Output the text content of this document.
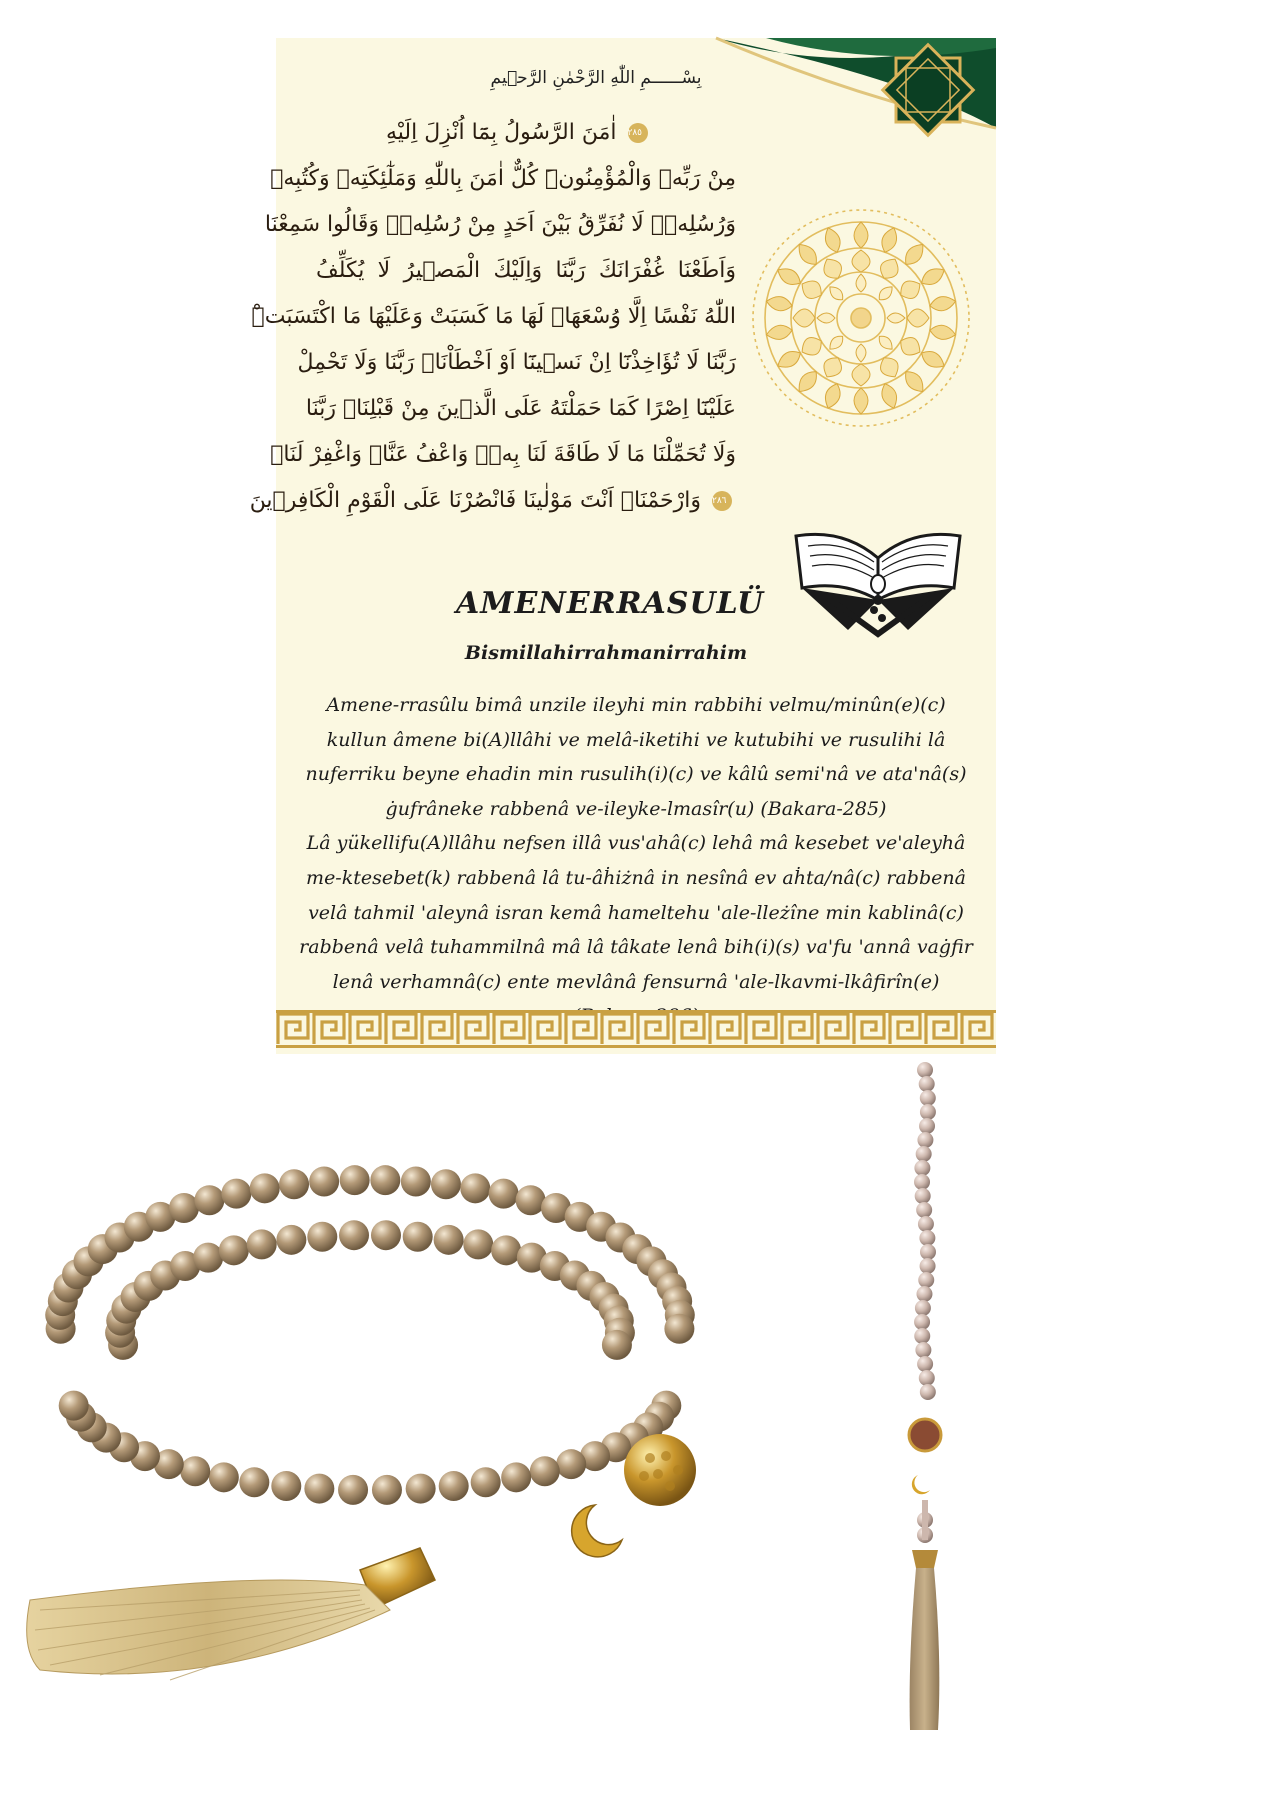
بِسْــــــمِ اللّٰهِ الرَّحْمٰنِ الرَّح۪يمِ
٢٨٥ اٰمَنَ الرَّسُولُ بِمَٓا اُنْزِلَ اِلَيْهِ
مِنْ رَبِّه۪ وَالْمُؤْمِنُونَۜ كُلٌّ اٰمَنَ بِاللّٰهِ وَمَلٰٓئِكَتِه۪ وَكُتُبِه۪
وَرُسُلِه۪ۜ لَا نُفَرِّقُ بَيْنَ اَحَدٍ مِنْ رُسُلِه۪ۜ وَقَالُوا سَمِعْنَا
وَاَطَعْنَا غُفْرَانَكَ رَبَّنَا وَاِلَيْكَ الْمَص۪يرُ لَا يُكَلِّفُ
اللّٰهُ نَفْسًا اِلَّا وُسْعَهَاۜ لَهَا مَا كَسَبَتْ وَعَلَيْهَا مَا اكْتَسَبَتْۜ
رَبَّنَا لَا تُؤَاخِذْنَٓا اِنْ نَس۪ينَٓا اَوْ اَخْطَاْنَاۚ رَبَّنَا وَلَا تَحْمِلْ
عَلَيْنَٓا اِصْرًا كَمَا حَمَلْتَهُ عَلَى الَّذ۪ينَ مِنْ قَبْلِنَاۚ رَبَّنَا
وَلَا تُحَمِّلْنَا مَا لَا طَاقَةَ لَنَا بِه۪ۚ وَاعْفُ عَنَّاࣞ وَاغْفِرْ لَنَاࣞ
٢٨٦ وَارْحَمْنَاࣞ اَنْتَ مَوْلٰينَا فَانْصُرْنَا عَلَى الْقَوْمِ الْكَافِر۪ينَ
AMENERRASULÜ
Bismillahirrahmanirrahim

Amene-rrasûlu bimâ unzile ileyhi min rabbihi velmu/minûn(e)(c) kullun âmene bi(A)llâhi ve melâ-iketihi ve kutubihi ve rusulihi lâ nuferriku beyne ehadin min rusulih(i)(c) ve kâlû semi'nâ ve ata'nâ(s) ġufrâneke rabbenâ ve-ileyke-lmasîr(u) (Bakara-285)

Lâ yükellifu(A)llâhu nefsen illâ vus'ahâ(c) lehâ mâ kesebet ve'aleyhâ me-ktesebet(k) rabbenâ lâ tu-âḣiżnâ in nesînâ ev aḣta/nâ(c) rabbenâ velâ tahmil 'aleynâ isran kemâ hameltehu 'ale-lleżîne min kablinâ(c) rabbenâ velâ tuhammilnâ mâ lâ tâkate lenâ bih(i)(s) va'fu 'annâ vaġfir lenâ verhamnâ(c) ente mevlânâ fensurnâ 'ale-lkavmi-lkâfirîn(e)
